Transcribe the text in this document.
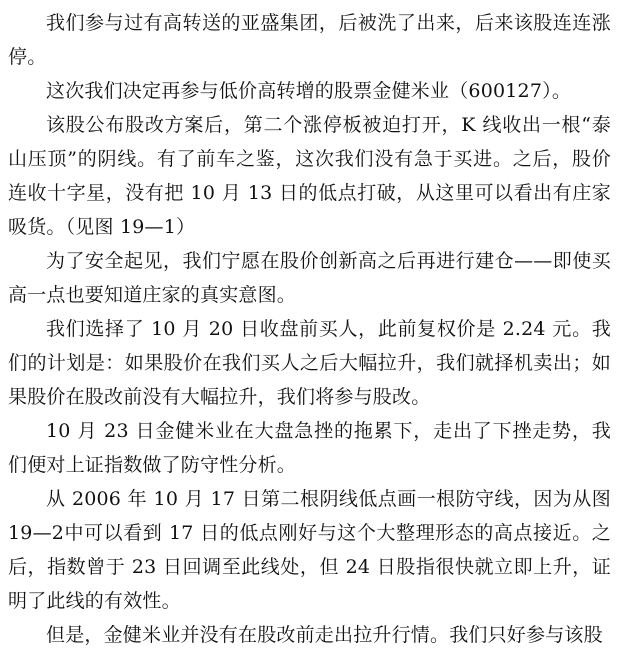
我们参与过有高转送的亚盛集团，后被洗了出来，后来该股连连涨停。

这次我们决定再参与低价高转增的股票金健米业（600127）。

该股公布股改方案后，第二个涨停板被迫打开，K 线收出一根“泰山压顶”的阴线。有了前车之鉴，这次我们没有急于买进。之后，股价连收十字星，没有把 10 月 13 日的低点打破，从这里可以看出有庄家吸货。（见图 19—1）

为了安全起见，我们宁愿在股价创新高之后再进行建仓——即使买高一点也要知道庄家的真实意图。

我们选择了 10 月 20 日收盘前买人，此前复权价是 2.24 元。我们的计划是：如果股价在我们买人之后大幅拉升，我们就择机卖出；如果股价在股改前没有大幅拉升，我们将参与股改。

10 月 23 日金健米业在大盘急挫的拖累下，走出了下挫走势，我们便对上证指数做了防守性分析。

从 2006 年 10 月 17 日第二根阴线低点画一根防守线，因为从图 19—2中可以看到 17 日的低点刚好与这个大整理形态的高点接近。之后，指数曾于 23 日回调至此线处，但 24 日股指很快就立即上升，证明了此线的有效性。

但是，金健米业并没有在股改前走出拉升行情。我们只好参与该股
